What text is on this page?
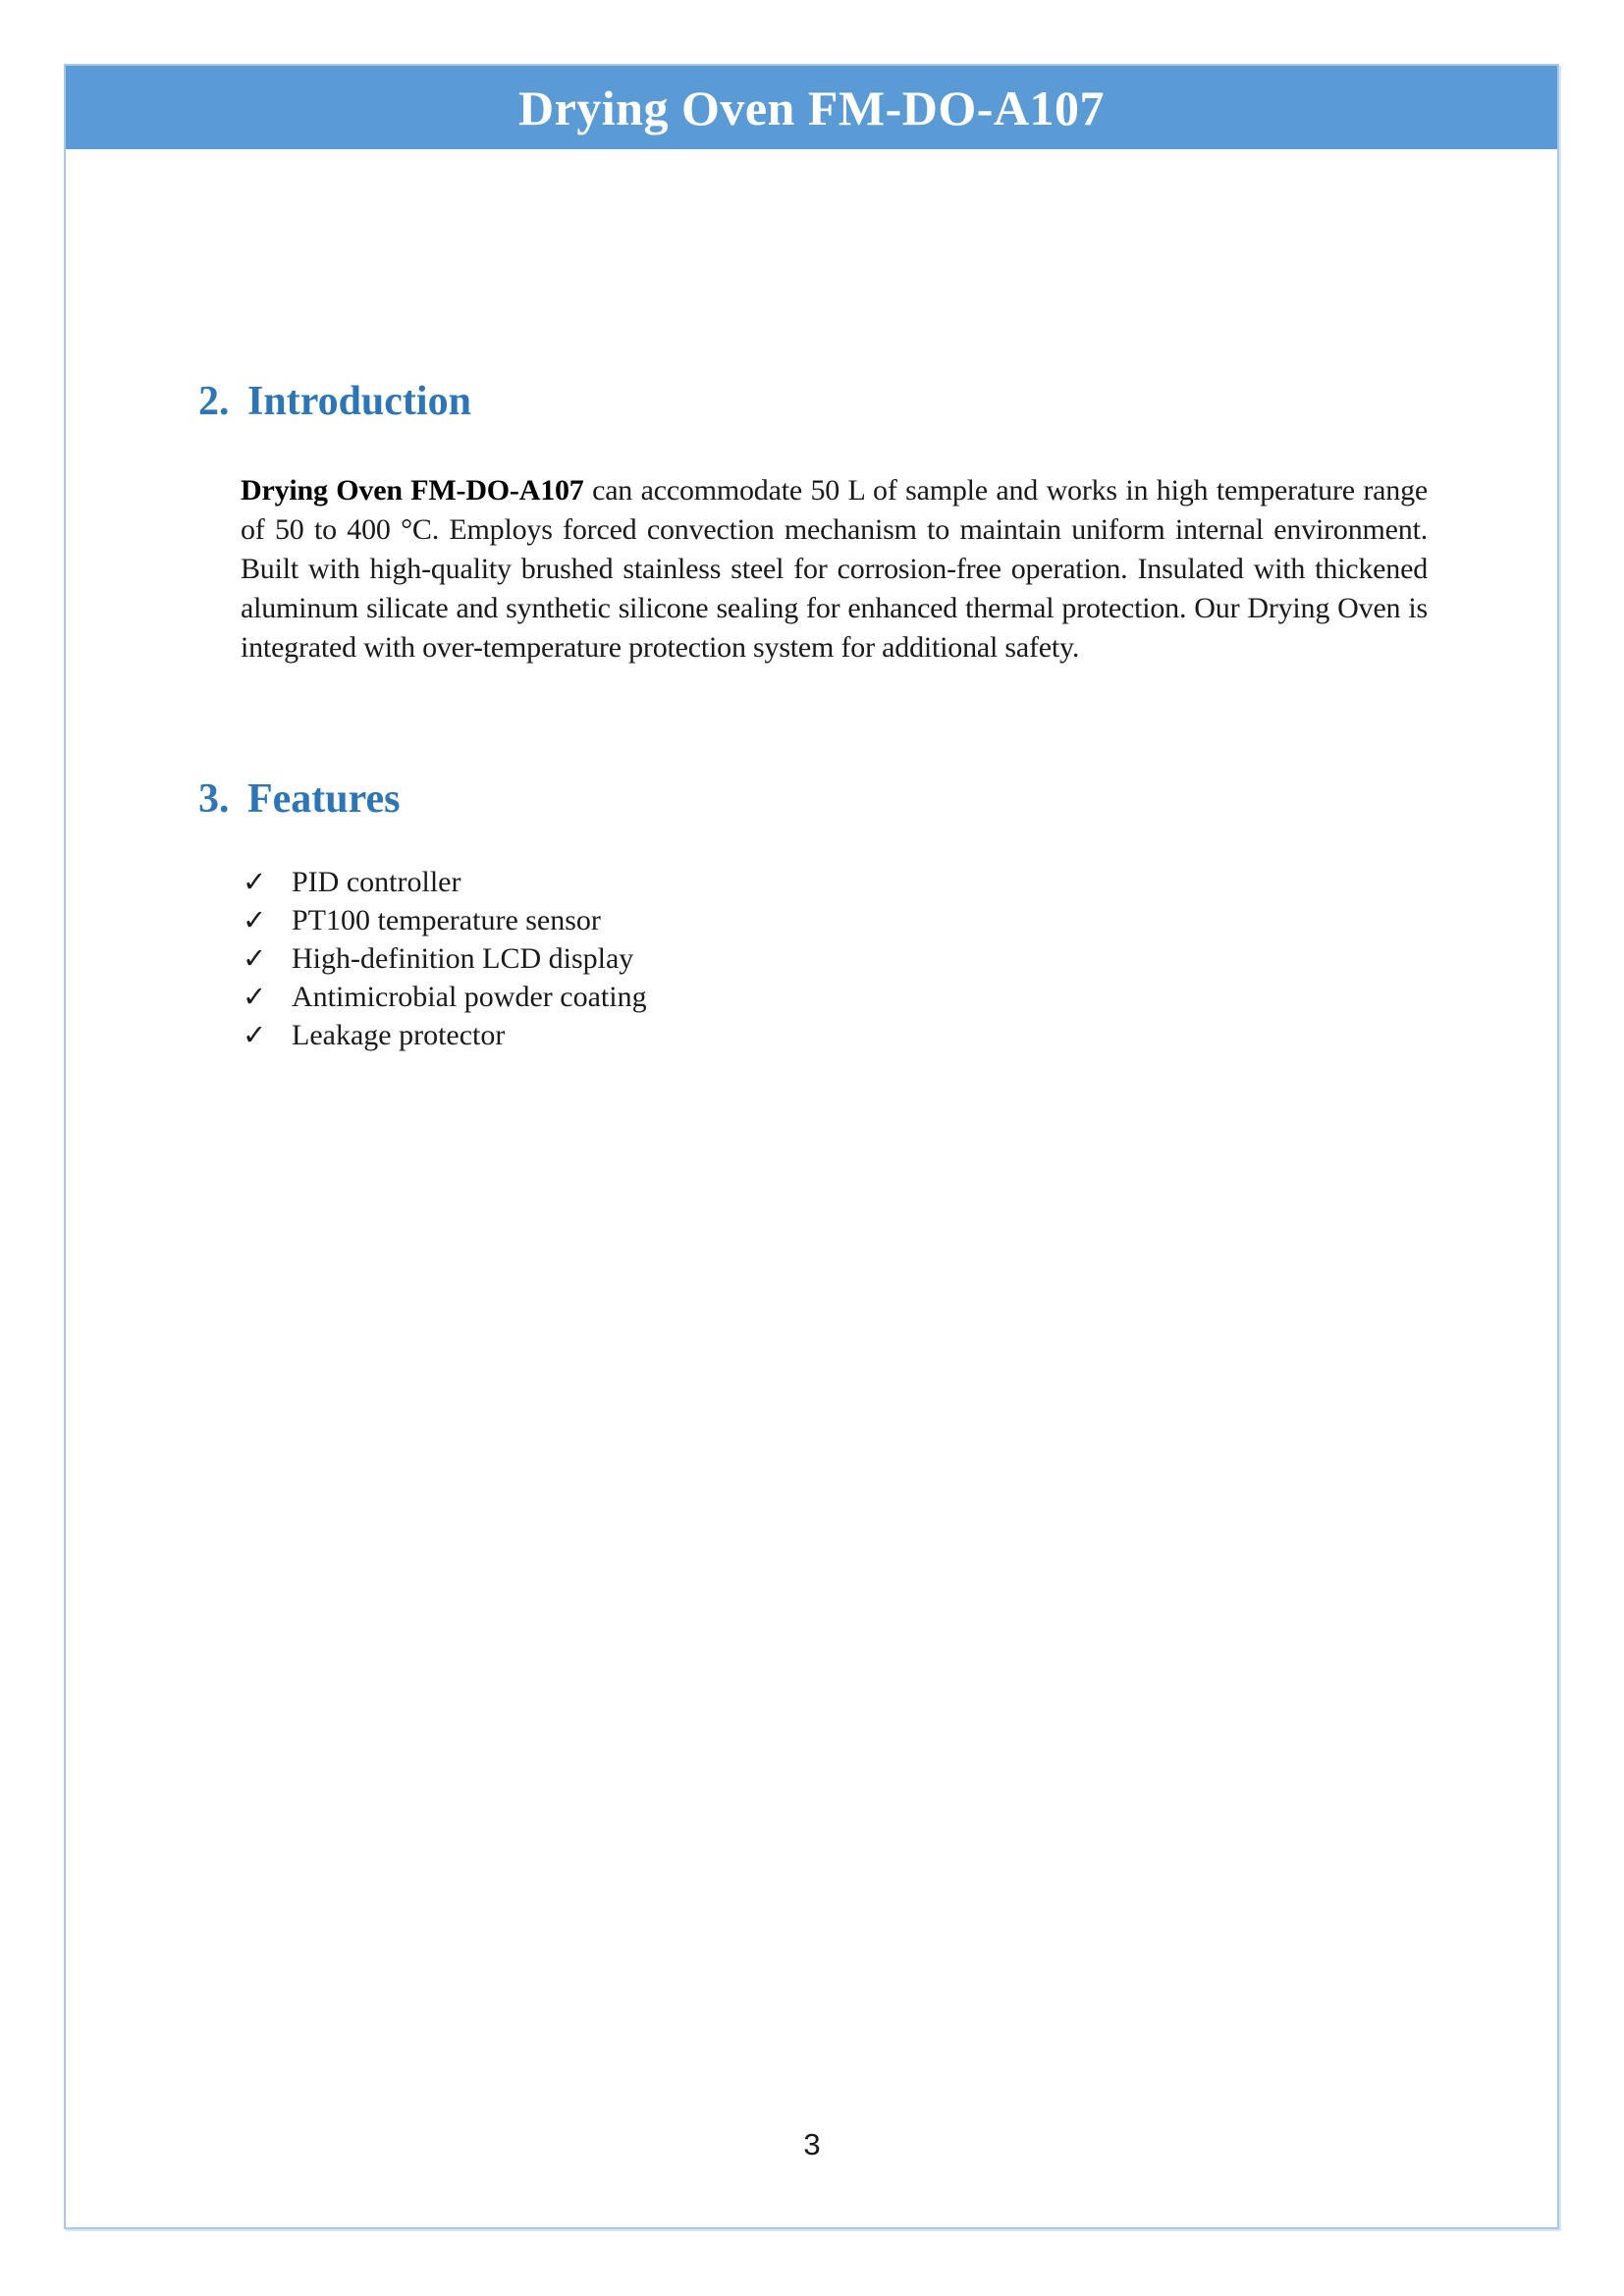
Drying Oven FM-DO-A107
2. Introduction

Drying Oven FM-DO-A107 can accommodate 50 L of sample and works in high temperature range of 50 to 400 °C. Employs forced convection mechanism to maintain uniform internal environment. Built with high-quality brushed stainless steel for corrosion-free operation. Insulated with thickened aluminum silicate and synthetic silicone sealing for enhanced thermal protection. Our Drying Oven is integrated with over-temperature protection system for additional safety.

3. Features
✓ PID controller
✓ PT100 temperature sensor
✓ High-definition LCD display
✓ Antimicrobial powder coating
✓ Leakage protector
3
